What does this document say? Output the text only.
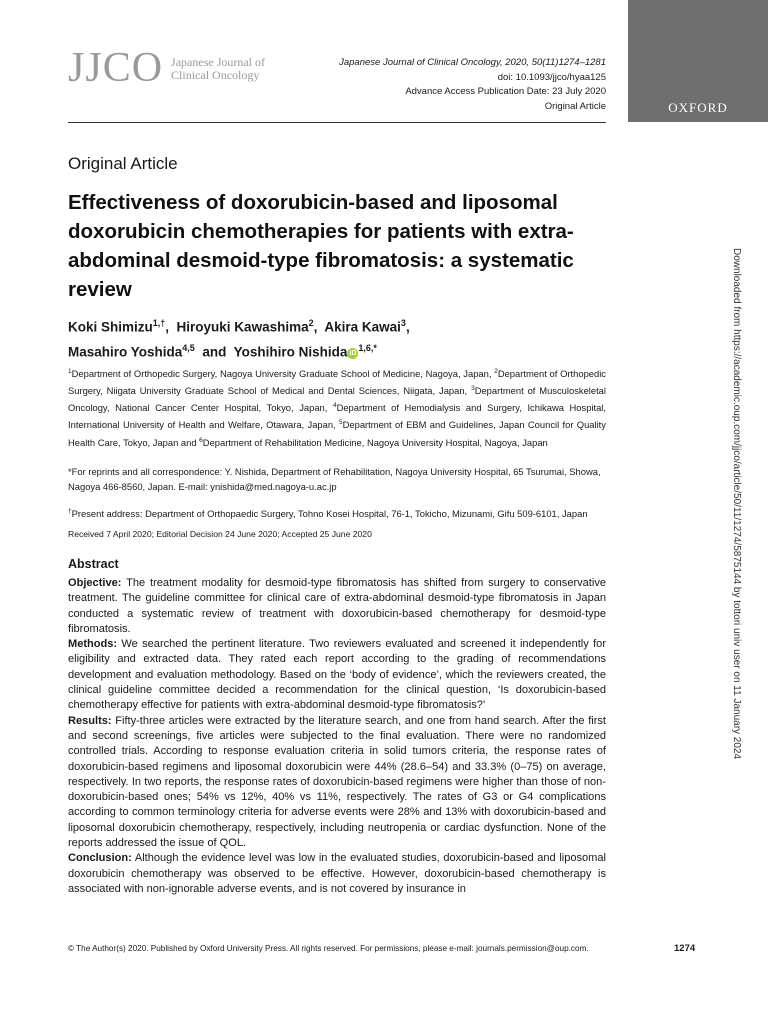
JJCO Japanese Journal of
Clinical Oncology
Japanese Journal of Clinical Oncology, 2020, 50(11)1274–1281
doi: 10.1093/jjco/hyaa125
Advance Access Publication Date: 23 July 2020
Original Article	OXFORD
Original Article
Effectiveness of doxorubicin-based and liposomal doxorubicin chemotherapies for patients with extra-abdominal desmoid-type fibromatosis: a systematic review
Koki Shimizu$^{1,\dagger}$,  Hiroyuki Kawashima$^2$,  Akira Kawai$^3$,
Masahiro Yoshida$^{4,5}$ and Yoshihiro Nishida $iD^{1,6,*}$
$^1$Department of Orthopedic Surgery, Nagoya University Graduate School of Medicine, Nagoya, Japan, $^2$Department of Orthopedic Surgery, Niigata University Graduate School of Medical and Dental Sciences, Niigata, Japan, $^3$Department of Musculoskeletal Oncology, National Cancer Center Hospital, Tokyo, Japan, $^4$Department of Hemodialysis and Surgery, Ichikawa Hospital, International University of Health and Welfare, Otawara, Japan, $^5$Department of EBM and Guidelines, Japan Council for Quality Health Care, Tokyo, Japan and $^6$Department of Rehabilitation Medicine, Nagoya University Hospital, Nagoya, Japan
*For reprints and all correspondence: Y. Nishida, Department of Rehabilitation, Nagoya University Hospital, 65 Tsurumai, Showa, Nagoya 466-8560, Japan. E-mail: ynishida@med.nagoya-u.ac.jp
†Present address: Department of Orthopaedic Surgery, Tohno Kosei Hospital, 76-1, Tokicho, Mizunami, Gifu 509-6101, Japan
Received 7 April 2020; Editorial Decision 24 June 2020; Accepted 25 June 2020
Abstract

Objective: The treatment modality for desmoid-type fibromatosis has shifted from surgery to conservative treatment. The guideline committee for clinical care of extra-abdominal desmoid-type fibromatosis in Japan conducted a systematic review of treatment with doxorubicin-based chemotherapy for desmoid-type fibromatosis.

Methods: We searched the pertinent literature. Two reviewers evaluated and screened it independently for eligibility and extracted data. They rated each report according to the grading of recommendations development and evaluation methodology. Based on the ‘body of evidence’, which the reviewers created, the clinical guideline committee decided a recommendation for the clinical question, ‘Is doxorubicin-based chemotherapy effective for patients with extra-abdominal desmoid-type fibromatosis?’

Results: Fifty-three articles were extracted by the literature search, and one from hand search. After the first and second screenings, five articles were subjected to the final evaluation. There were no randomized controlled trials. According to response evaluation criteria in solid tumors criteria, the response rates of doxorubicin-based regimens and liposomal doxorubicin were 44% (28.6–54) and 33.3% (0–75) on average, respectively. In two reports, the response rates of doxorubicin-based regimens were higher than those of non-doxorubicin-based ones; 54% vs 12%, 40% vs 11%, respectively. The rates of G3 or G4 complications according to common terminology criteria for adverse events were 28% and 13% with doxorubicin-based and liposomal doxorubicin chemotherapy, respectively, including neutropenia or cardiac dysfunction. None of the reports addressed the issue of QOL.

Conclusion: Although the evidence level was low in the evaluated studies, doxorubicin-based and liposomal doxorubicin chemotherapy was observed to be effective. However, doxorubicin-based chemotherapy is associated with non-ignorable adverse events, and is not covered by insurance in

© The Author(s) 2020. Published by Oxford University Press. All rights reserved. For permissions, please e-mail: journals.permission@oup.com.	1274
Downloaded from https://academic.oup.com/jjco/article/50/11/1274/5875144 by tottori univ user on 11 January 2024
